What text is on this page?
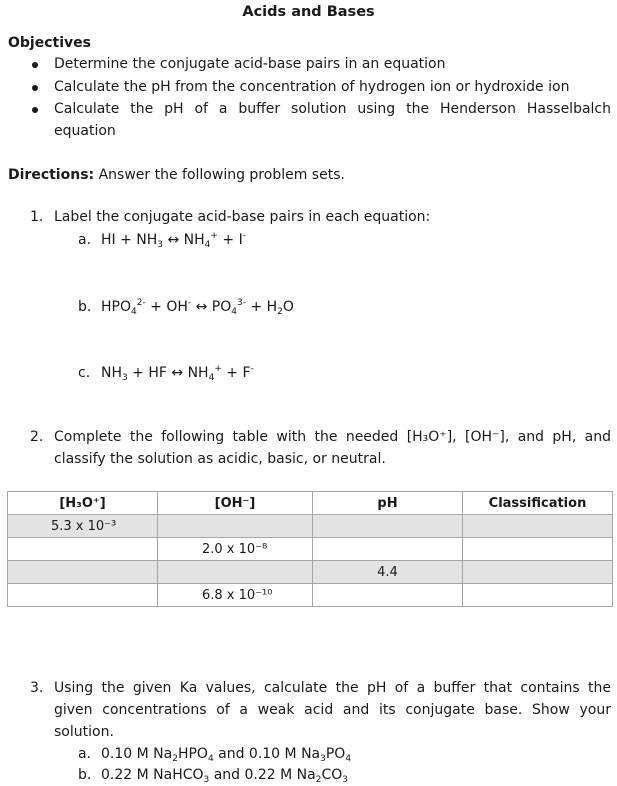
Acids and Bases
Objectives
Determine the conjugate acid-base pairs in an equation
Calculate the pH from the concentration of hydrogen ion or hydroxide ion
Calculate the pH of a buffer solution using the Henderson Hasselbalch
equation
Directions: Answer the following problem sets.
1. Label the conjugate acid-base pairs in each equation:
a. HI + $NH_3$ ↔ $NH_4^+ + I^-$
b. $HPO_4^{2-} + OH^-$ ↔ $PO_4^{3-} + H_2O$
c. $NH_3$ + HF ↔ $NH_4^+ + F^-$
2. Complete the following table with the needed [H₃O⁺], [OH⁻], and pH, and
classify the solution as acidic, basic, or neutral.
[H₃O⁺]	[OH⁻]	pH	Classification
5.3 x 10⁻³			
	2.0 x 10⁻⁸		
		4.4	
	6.8 x 10⁻¹⁰		
3. Using the given Ka values, calculate the pH of a buffer that contains the
given concentrations of a weak acid and its conjugate base. Show your
solution.
a. 0.10 M $Na_2HPO_4$ and 0.10 M $Na_3PO_4$
b. 0.22 M NaHCO$_3$ and 0.22 M $Na_2CO_3$
